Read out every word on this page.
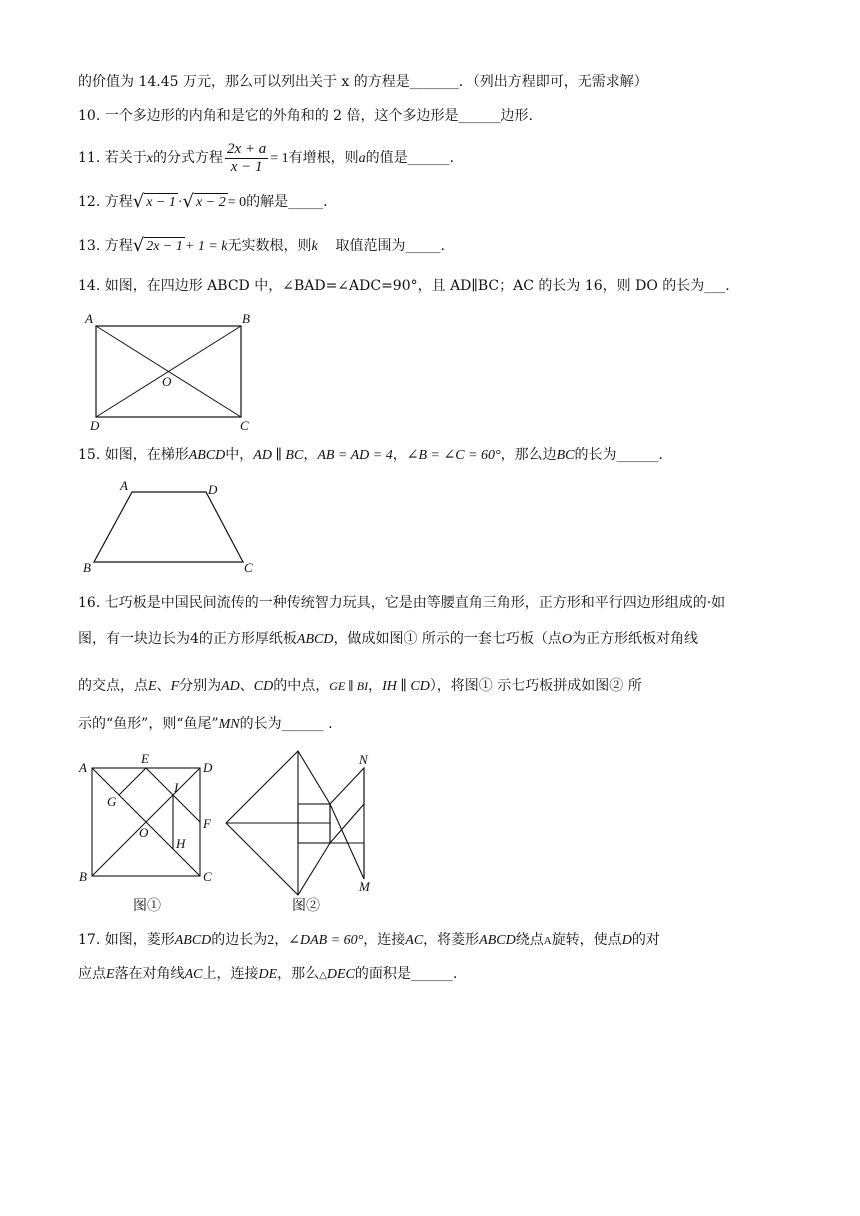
的价值为 14.45 万元，那么可以列出关于 x 的方程是_______．（列出方程即可，无需求解）
10. 一个多边形的内角和是它的外角和的 2 倍，这个多边形是______边形.
11. 若关于x的分式方程 $\frac{2x + a}{x - 1} = 1$有增根，则a的值是______.
12. 方程 √ x − 1 · √ x − 2 = 0的解是_____.
13. 方程 √ 2x − 1 + 1 = k无实数根，则k 取值范围为_____.
14. 如图，在四边形 ABCD 中，∠BAD=∠ADC=90°，且 AD∥BC；AC 的长为 16，则 DO 的长为___.
A	B
C
D
O
15. 如图，在梯形ABCD中，AD ∥ BC，AB = AD = 4，∠B = ∠C = 60°，那么边BC的长为______.
A	D
B	C
16. 七巧板是中国民间流传的一种传统智力玩具，它是由等腰直角三角形，正方形和平行四边形组成的·如
图，有一块边长为4的正方形厚纸板ABCD，做成如图① 所示的一套七巧板（点O为正方形纸板对角线
的交点，点E、F分别为AD、CD的中点，GE ∥ BI，IH ∥ CD），将图① 示七巧板拼成如图② 所
示的“鱼形”，则“鱼尾”MN的长为______ .
A
E
D
G
I
O
F
H
B	C
图①
N
M
图②
17. 如图，菱形ABCD的边长为2，∠DAB = 60°，连接AC，将菱形ABCD绕点A旋转，使点D的对
应点E落在对角线AC上，连接DE，那么△DEC的面积是______.
